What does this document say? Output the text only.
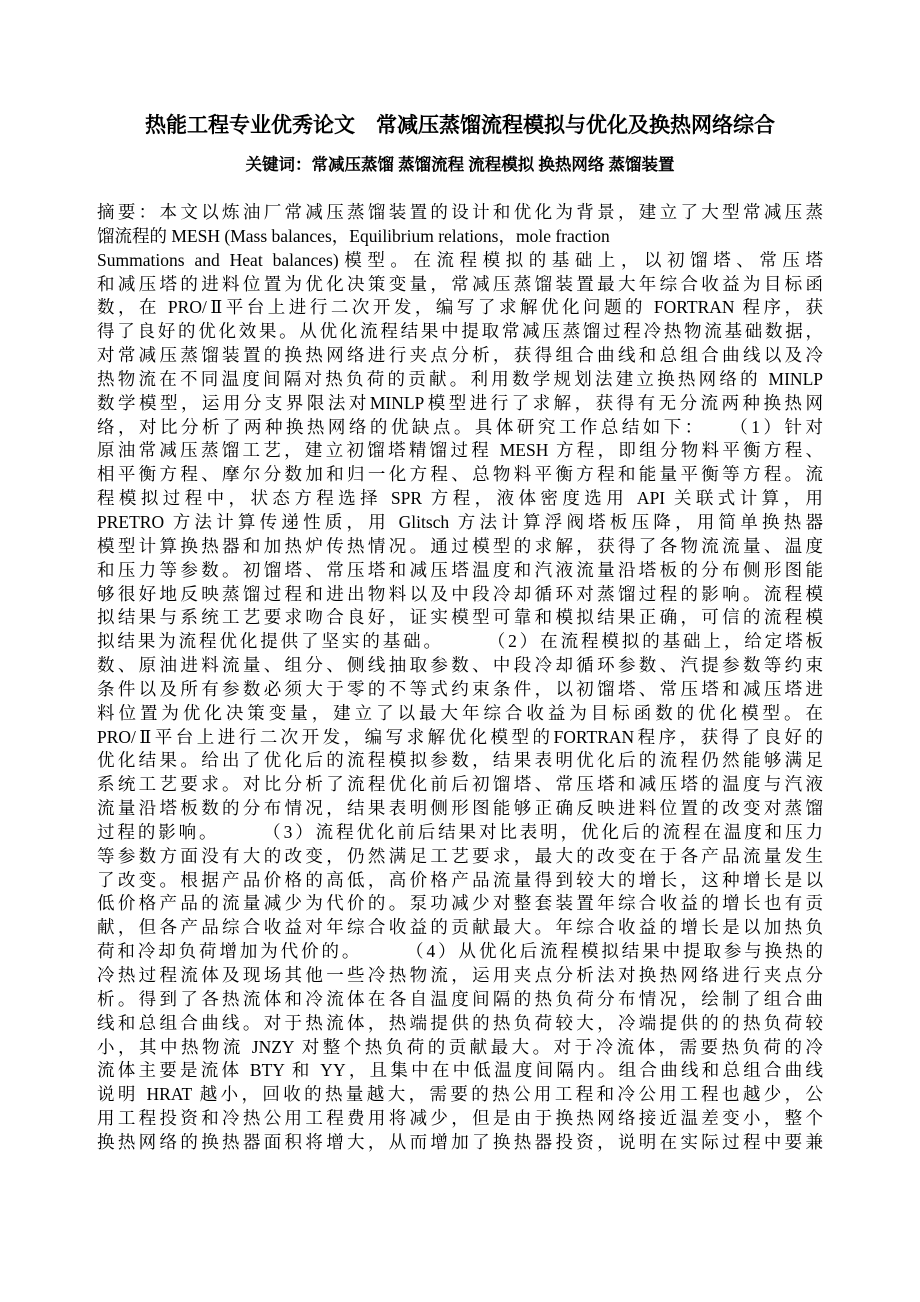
热能工程专业优秀论文　常减压蒸馏流程模拟与优化及换热网络综合
关键词：常减压蒸馏 蒸馏流程 流程模拟 换热网络 蒸馏装置
摘要：本文以炼油厂常减压蒸馏装置的设计和优化为背景，建立了大型常减压蒸
馏流程的 MESH (Mass balances，Equilibrium relations，mole fraction
Summations and Heat balances)模型。在流程模拟的基础上，以初馏塔、常压塔
和减压塔的进料位置为优化决策变量，常减压蒸馏装置最大年综合收益为目标函
数，在 PRO/Ⅱ平台上进行二次开发，编写了求解优化问题的 FORTRAN 程序，获
得了良好的优化效果。从优化流程结果中提取常减压蒸馏过程冷热物流基础数据，
对常减压蒸馏装置的换热网络进行夹点分析，获得组合曲线和总组合曲线以及冷
热物流在不同温度间隔对热负荷的贡献。利用数学规划法建立换热网络的 MINLP
数学模型，运用分支界限法对MINLP模型进行了求解，获得有无分流两种换热网
络，对比分析了两种换热网络的优缺点。具体研究工作总结如下：　　（1）针对
原油常减压蒸馏工艺，建立初馏塔精馏过程 MESH 方程，即组分物料平衡方程、
相平衡方程、摩尔分数加和归一化方程、总物料平衡方程和能量平衡等方程。流
程模拟过程中，状态方程选择 SPR 方程，液体密度选用 API 关联式计算，用
PRETRO 方法计算传递性质，用 Glitsch 方法计算浮阀塔板压降，用简单换热器
模型计算换热器和加热炉传热情况。通过模型的求解，获得了各物流流量、温度
和压力等参数。初馏塔、常压塔和减压塔温度和汽液流量沿塔板的分布侧形图能
够很好地反映蒸馏过程和进出物料以及中段冷却循环对蒸馏过程的影响。流程模
拟结果与系统工艺要求吻合良好，证实模型可靠和模拟结果正确，可信的流程模
拟结果为流程优化提供了坚实的基础。　　　（2）在流程模拟的基础上，给定塔板
数、原油进料流量、组分、侧线抽取参数、中段冷却循环参数、汽提参数等约束
条件以及所有参数必须大于零的不等式约束条件，以初馏塔、常压塔和减压塔进
料位置为优化决策变量，建立了以最大年综合收益为目标函数的优化模型。在
PRO/Ⅱ平台上进行二次开发，编写求解优化模型的FORTRAN程序，获得了良好的
优化结果。给出了优化后的流程模拟参数，结果表明优化后的流程仍然能够满足
系统工艺要求。对比分析了流程优化前后初馏塔、常压塔和减压塔的温度与汽液
流量沿塔板数的分布情况，结果表明侧形图能够正确反映进料位置的改变对蒸馏
过程的影响。　　　（3）流程优化前后结果对比表明，优化后的流程在温度和压力
等参数方面没有大的改变，仍然满足工艺要求，最大的改变在于各产品流量发生
了改变。根据产品价格的高低，高价格产品流量得到较大的增长，这种增长是以
低价格产品的流量减少为代价的。泵功减少对整套装置年综合收益的增长也有贡
献，但各产品综合收益对年综合收益的贡献最大。年综合收益的增长是以加热负
荷和冷却负荷增加为代价的。　　　（4）从优化后流程模拟结果中提取参与换热的
冷热过程流体及现场其他一些冷热物流，运用夹点分析法对换热网络进行夹点分
析。得到了各热流体和冷流体在各自温度间隔的热负荷分布情况，绘制了组合曲
线和总组合曲线。对于热流体，热端提供的热负荷较大，冷端提供的的热负荷较
小，其中热物流 JNZY 对整个热负荷的贡献最大。对于冷流体，需要热负荷的冷
流体主要是流体 BTY 和 YY，且集中在中低温度间隔内。组合曲线和总组合曲线
说明 HRAT 越小，回收的热量越大，需要的热公用工程和冷公用工程也越少，公
用工程投资和冷热公用工程费用将减少，但是由于换热网络接近温差变小，整个
换热网络的换热器面积将增大，从而增加了换热器投资，说明在实际过程中要兼
